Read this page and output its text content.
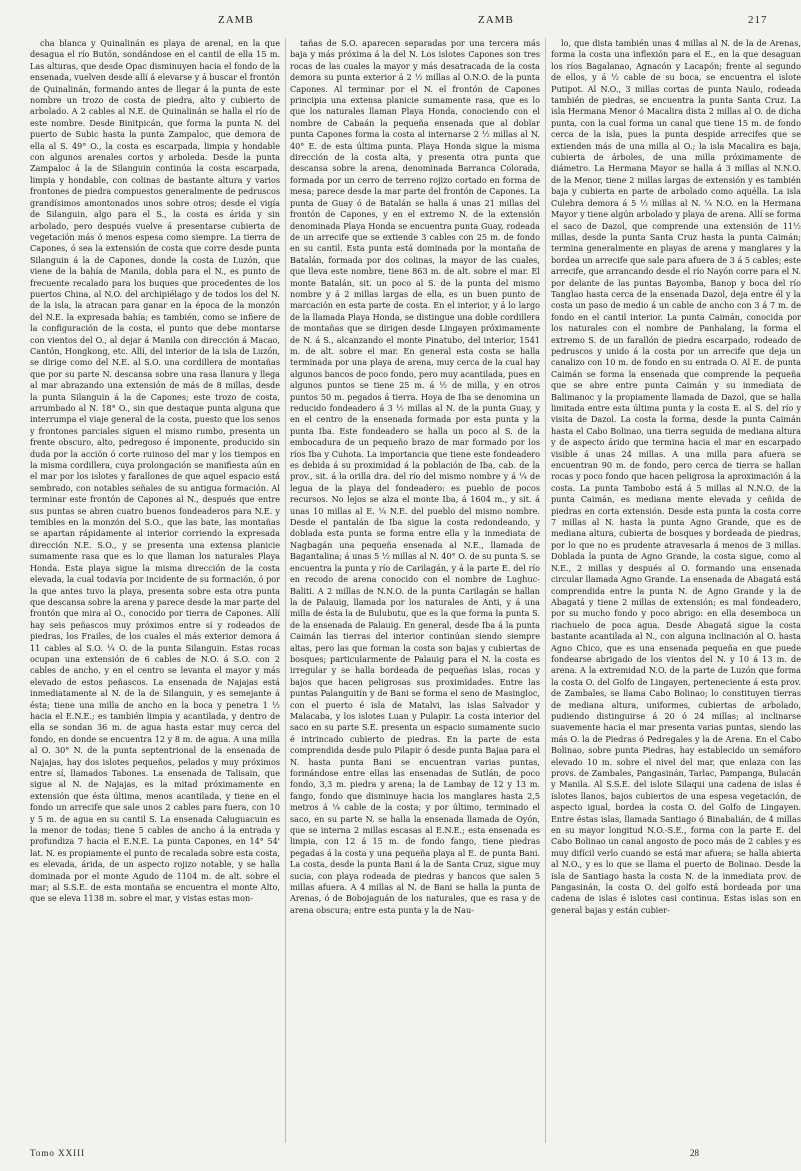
ZAMB	ZAMB	217

cha blanca y Quinalinán es playa de arenal, en la que desagua el río Butón, sondándose en el cantil de ella 15 m. Las alturas, que desde Opac disminuyen hacia el fondo de la ensenada, vuelven desde allí á elevarse y á buscar el frontón de Quinalinán, formando antes de llegar á la punta de este nombre un trozo de costa de piedra, alto y cubierto de arbolado. A 2 cables al N.E. de Quinalinán se halla el río de este nombre. Desde Binitpicán, que forma la punta N. del puerto de Subic hasta la punta Zampaloc, que demora de ella al S. 49° O., la costa es escarpada, limpia y hondable con algunos arenales cortos y arboleda. Desde la punta Zampaloc á la de Silanguin continúa la costa escarpada, limpia y hondable, con colinas de bastante altura y varios frontones de piedra compuestos generalmente de pedruscos grandísimos amontonados unos sobre otros; desde el vigía de Silanguin, algo para el S., la costa es árida y sin arbolado, pero después vuelve á presentarse cubierta de vegetación más ó menos espesa como siempre. La tierra de Capones, ó sea la extensión de costa que corre desde punta Silanguin á la de Capones, donde la costa de Luzón, que viene de la bahía de Manila, dobla para el N., es punto de frecuente recalado para los buques que procedentes de los puertos China, al N.O. del archipiélago y de todos los del N. de la isla, la atracan para ganar en la época de la monzón del N.E. la expresada bahía; es también, como se infiere de la configuración de la costa, el punto que debe montarse con vientos del O., al dejar á Manila con dirección á Macao, Cantón, Hongkong, etc. Allí, del interior de la isla de Luzón, se dirige como del N.E. al S.O. una cordillera de montañas que por su parte N. descansa sobre una rasa llanura y llega al mar abrazando una extensión de más de 8 millas, desde la punta Silanguin á la de Capones; este trozo de costa, arrumbado al N. 18° O., sin que destaque punta alguna que interrumpa el viaje general de la costa, puesto que los senos y frontones parciales siguen el mismo rumbo, presenta un frente obscuro, alto, pedregoso é imponente, producido sin duda por la acción ó corte ruinoso del mar y los tiempos en la misma cordillera, cuya prolongación se manifiesta aún en el mar por los islotes y farallones de que aquel espacio está sembrado, con notables señales de su antigua formación. Al terminar este frontón de Capones al N., después que entre sus puntas se abren cuatro buenos fondeaderos para N.E. y temibles en la monzón del S.O., que las bate, las montañas se apartan rápidamente al interior corriendo la expresada dirección N.E. S.O., y se presenta una extensa planicie sumamente rasa que es lo que llaman los naturales Playa Honda. Esta playa sigue la misma dirección de la costa elevada, la cual todavía por incidente de su formación, ó por la que antes tuvo la playa, presenta sobre esta otra punta que descansa sobre la arena y parece desde la mar parte del frontón que mira al O., conocido por tierra de Capones. Allí hay seis peñascos muy próximos entre sí y rodeados de piedras, los Frailes, de los cuales el más exterior demora á 11 cables al S.O. ¼ O. de la punta Silanguin. Estas rocas ocupan una extensión de 6 cables de N.O. á S.O. con 2 cables de ancho, y en el centro se levanta el mayor y más elevado de estos peñascos. La ensenada de Najajas está inmediatamente al N. de la de Silanguin, y es semejante á ésta; tiene una milla de ancho en la boca y penetra 1 ½ hacia el E.N.E.; es también limpia y acantilada, y dentro de ella se sondan 36 m. de agua hasta estar muy cerca del fondo, en donde se encuentra 12 y 8 m. de agua. A una milla al O. 30° N. de la punta septentrional de la ensenada de Najajas, hay dos islotes pequeños, pelados y muy próximos entre sí, llamados Tabones. La ensenada de Talisain, que sigue al N. de Najajas, es la mitad próximamente en extensión que ésta última, menos acantilada, y tiene en el fondo un arrecife que sale unos 2 cables para fuera, con 10 y 5 m. de agua en su cantil S. La ensenada Caluguacuin es la menor de todas; tiene 5 cables de ancho á la entrada y profundiza 7 hacia el E.N.E. La punta Capones, en 14° 54' lat. N. es propiamente el punto de recalada sobre esta costa, es elevada, árida, de un aspecto rojizo notable, y se halla dominada por el monte Agudo de 1104 m. de alt. sobre el mar; al S.S.E. de esta montaña se encuentra el monte Alto, que se eleva 1138 m. sobre el mar, y vistas estas mon-

tañas de S.O. aparecen separadas por una tercera más baja y más próxima á la del N. Los islotes Capones son tres rocas de las cuales la mayor y más desatracada de la costa demora su punta exterior á 2 ½ millas al O.N.O. de la punta Capones. Al terminar por el N. el frontón de Capones principia una extensa planicie sumamente rasa, que es lo que los naturales llaman Playa Honda, conociendo con el nombre de Cabaán la pequeña ensenada que al doblar punta Capones forma la costa al internarse 2 ½ millas al N. 40° E. de esta última punta. Playa Honda sigue la misma dirección de la costa alta, y presenta otra punta que descansa sobre la arena, denominada Barranca Colorada, formada por un cerro de terreno rojizo cortado en forma de mesa; parece desde la mar parte del frontón de Capones. La punta de Guay ó de Batalán se halla á unas 21 millas del frontón de Capones, y en el extremo N. de la extensión denominada Playa Honda se encuentra punta Guay, rodeada de un arrecife que se extiende 3 cables con 25 m. de fondo en su cantil. Esta punta está dominada por la montaña de Batalán, formada por dos colinas, la mayor de las cuales, que lleva este nombre, tiene 863 m. de alt. sobre el mar. El monte Batalán, sit. un poco al S. de la punta del mismo nombre y á 2 millas largas de ella, es un buen punto de marcación en esta parte de costa. En el interior, y á lo largo de la llamada Playa Honda, se distingue una doble cordillera de montañas que se dirigen desde Lingayen próximamente de N. á S., alcanzando el monte Pinatubo, del interior, 1541 m. de alt. sobre el mar. En general esta costa se halla terminada por una playa de arena, muy cerca de la cual hay algunos bancos de poco fondo, pero muy acantilada, pues en algunos puntos se tiene 25 m. á ½ de milla, y en otros puntos 50 m. pegados á tierra. Hoya de Iba se denomina un reducido fondeadero á 3 ½ millas al N. de la punta Guay, y en el centro de la ensenada formada por esta punta y la punta Iba. Este fondeadero se halla un poco al S. de la embocadura de un pequeño brazo de mar formado por los ríos Iba y Cuhota. La importancia que tiene este fondeadero es debida á su proximidad á la población de Iba, cab. de la prov., sit. á la orilla dra. del río del mismo nombre y á ¼ de legua de la playa del fondeadero: es pueblo de pocos recursos. No lejos se alza el monte Iba, á 1604 m., y sit. á unas 10 millas al E. ¼ N.E. del pueblo del mismo nombre. Desde el pantalán de Iba sigue la costa redondeando, y doblada esta punta se forma entre ella y la inmediata de Nagbagán una pequeña ensenada al N.E., llamada de Bagantalina; á unas 5 ½ millas al N. 40° O. de su punta S. se encuentra la punta y río de Carilagán, y á la parte E. del río en recodo de arena conocido con el nombre de Lughuc-Baliti. A 2 millas de N.N.O. de la punta Carilagán se hallan la de Palauig, llamada por los naturales de Anti, y á una milla de ésta la de Bulubutu, que es la que forma la punta S. de la ensenada de Palauig. En general, desde Iba á la punta Caimán las tierras del interior continúan siendo siempre altas, pero las que forman la costa son bajas y cubiertas de bosques; particularmente de Palauig para el N. la costa es irregular y se halla bordeada de pequeñas islas, rocas y bajos que hacen peligrosas sus proximidades. Entre las puntas Palanguitín y de Bani se forma el seno de Masingloc, con el puerto é isla de Matalvi, las islas Salvador y Malacaba, y los islotes Luan y Pulapir. La costa interior del saco en su parte S.E. presenta un espacio sumamente sucio é intrincado cubierto de piedras. En la parte de esta comprendida desde pulo Pilapir ó desde punta Bajaa para el N. hasta punta Bani se encuentran varias puntas, formándose entre ellas las ensenadas de Sutlán, de poco fondo, 3,3 m. piedra y arena; la de Lambay de 12 y 13 m. fango, fondo que disminuye hacia los manglares hasta 2,5 metros á ¼ cable de la costa; y por último, terminado el saco, en su parte N. se halla la ensenada llamada de Oyón, que se interna 2 millas escasas al E.N.E.; esta ensenada es limpia, con 12 á 15 m. de fondo fango, tiene piedras pegadas á la costa y una pequeña playa al E. de punta Bani. La costa, desde la punta Bani á la de Santa Cruz, sigue muy sucia, con playa rodeada de piedras y bancos que salen 5 millas afuera. A 4 millas al N. de Bani se halla la punta de Arenas, ó de Bobojaguán de los naturales, que es rasa y de arena obscura; entre esta punta y la de Nau-

lo, que dista también unas 4 millas al N. de la de Arenas, forma la costa una inflexión para el E., en la que desaguan los ríos Bagalanao, Agnacón y Lacapón; frente al segundo de ellos, y á ½ cable de su boca, se encuentra el islote Putipot. Al N.O., 3 millas cortas de punta Naulo, rodeada también de piedras, se encuentra la punta Santa Cruz. La isla Hermana Menor ó Macalira dista 2 millas al O. de dicha punta, con la cual forma un canal que tiene 15 m. de fondo cerca de la isla, pues la punta despide arrecifes que se extienden más de una milla al O.; la isla Macalira es baja, cubierta de árboles, de una milla próximamente de diámetro. La Hermana Mayor se halla á 3 millas al N.N.O. de la Menor, tiene 2 millas largas de extensión y es también baja y cubierta en parte de arbolado como aquélla. La isla Culebra demora á 5 ½ millas al N. ¼ N.O. en la Hermana Mayor y tiene algún arbolado y playa de arena. Allí se forma el saco de Dazol, que comprende una extensión de 11½ millas, desde la punta Santa Cruz hasta la punta Caimán; termina generalmente en playas de arena y manglares y la bordea un arrecife que sale para afuera de 3 á 5 cables; este arrecife, que arrancando desde el río Nayón corre para el N. por delante de las puntas Bayomba, Banop y boca del río Tanglao hasta cerca de la ensenada Dazol, deja entre él y la costa un paso de medio á un cable de ancho con 3 á 7 m. de fondo en el cantil interior. La punta Caimán, conocida por los naturales con el nombre de Panhalang, la forma el extremo S. de un farallón de piedra escarpado, rodeado de pedruscos y unido á la costa por un arrecife que deja un canalizo con 10 m. de fondo en su entrada O. Al E. de punta Caimán se forma la ensenada que comprende la pequeña que se abre entre punta Caimán y su inmediata de Balimanoc y la propiamente llamada de Dazol, que se halla limitada entre esta última punta y la costa E. al S. del río y visita de Dazol. La costa la forma, desde la punta Caimán hasta el Cabo Bolinao, una tierra seguida de mediana altura y de aspecto árido que termina hacia el mar en escarpado visible á unas 24 millas. A una milla para afuera se encuentran 90 m. de fondo, pero cerca de tierra se hallan rocas y poco fondo que hacen peligrosa la aproximación á la costa. La punta Tambobo está á 5 millas al N.N.O. de la punta Caimán, es mediana mente elevada y ceñida de piedras en corta extensión. Desde esta punta la costa corre 7 millas al N. hasta la punta Agno Grande, que es de mediana altura, cubierta de bosques y bordeada de piedras, por lo que no es prudente atravesarla á menos de 3 millas. Doblada la punta de Agno Grande, la costa sigue, como al N.E., 2 millas y después al O. formando una ensenada circular llamada Agno Grande. La ensenada de Abagatá está comprendida entre la punta N. de Agno Grande y la de Abagatá y tiene 2 millas de extensión; es mal fondeadero, por su mucho fondo y poco abrigo: en ella desemboca un riachuelo de poca agua. Desde Abagatá sigue la costa bastante acantilada al N., con alguna inclinación al O. hasta Agno Chico, que es una ensenada pequeña en que puede fondearse abrigado de los vientos del N. y 10 á 13 m. de arena. A la extremidad N.O. de la parte de Luzón que forma la costa O. del Golfo de Lingayen, perteneciente á esta prov. de Zambales, se llama Cabo Bolinao; lo constituyen tierras de mediana altura, uniformes, cubiertas de arbolado, pudiendo distinguirse á 20 ó 24 millas; al inclinarse suavemente hacia el mar presenta varias puntas, siendo las más O. la de Piedras ó Pedregales y la de Arena. En el Cabo Bolinao, sobre punta Piedras, hay establecido un semáforo elevado 10 m. sobre el nivel del mar, que enlaza con las provs. de Zambales, Pangasinán, Tarlac, Pampanga, Bulacán y Manila. Al S.S.E. del islote Silaqui una cadena de islas é islotes llanos, bajos cubiertos de una espesa vegetación, de aspecto igual, bordea la costa O. del Golfo de Lingayen. Entre éstas islas, llamada Santiago ó Binabalián, de 4 millas en su mayor longitud N.O.-S.E., forma con la parte E. del Cabo Bolinao un canal angosto de poco más de 2 cables y es muy difícil verlo cuando se está mar afuera; se halla abierta al N.O., y es lo que se llama el puerto de Bolinao. Desde la isla de Santiago hasta la costa N. de la inmediata prov. de Pangasinán, la costa O. del golfo está bordeada por una cadena de islas é islotes casi continua. Estas islas son en general bajas y están cubier-

Tomo XXIII	28
